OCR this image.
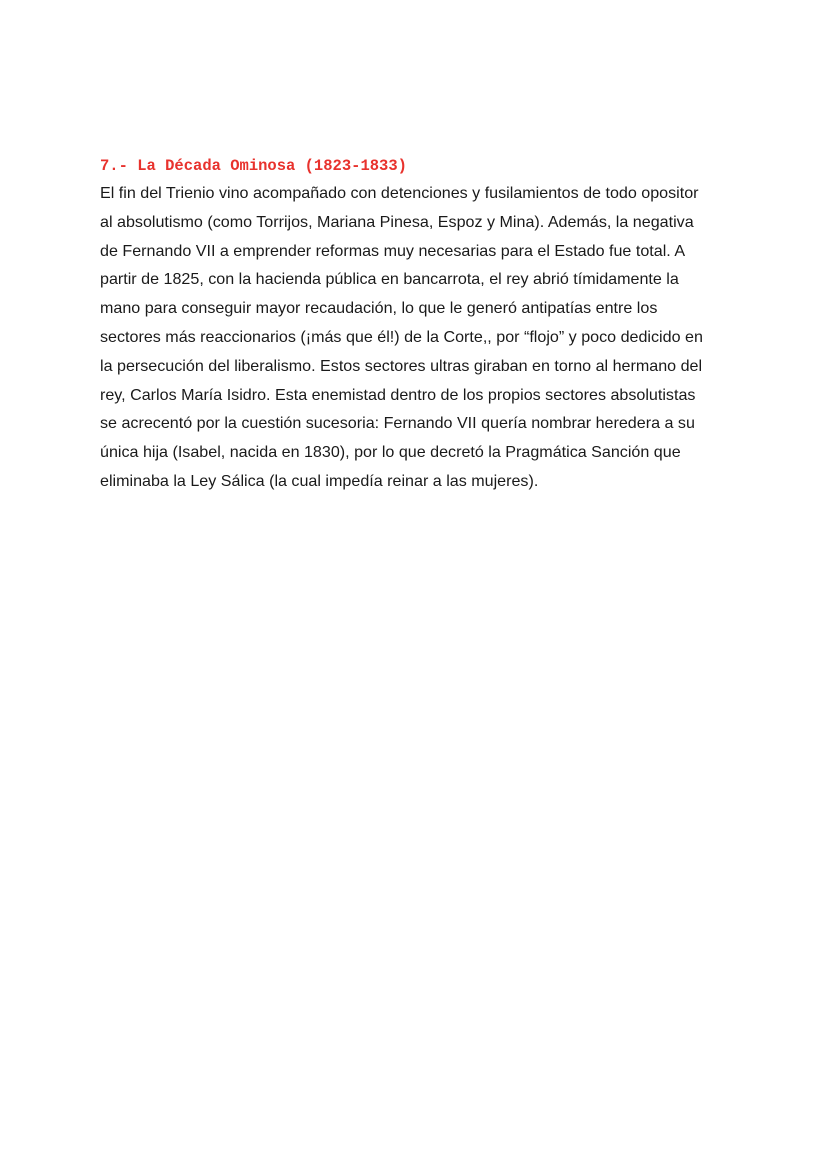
7.- La Década Ominosa (1823-1833)
El fin del Trienio vino acompañado con detenciones y fusilamientos de todo opositor
al absolutismo (como Torrijos, Mariana Pinesa, Espoz y Mina). Además, la negativa
de Fernando VII a emprender reformas muy necesarias para el Estado fue total. A
partir de 1825, con la hacienda pública en bancarrota, el rey abrió tímidamente la
mano para conseguir mayor recaudación, lo que le generó antipatías entre los
sectores más reaccionarios (¡más que él!) de la Corte,, por “flojo” y poco dedicido en
la persecución del liberalismo. Estos sectores ultras giraban en torno al hermano del
rey, Carlos María Isidro. Esta enemistad dentro de los propios sectores absolutistas
se acrecentó por la cuestión sucesoria: Fernando VII quería nombrar heredera a su
única hija (Isabel, nacida en 1830), por lo que decretó la Pragmática Sanción que
eliminaba la Ley Sálica (la cual impedía reinar a las mujeres).
